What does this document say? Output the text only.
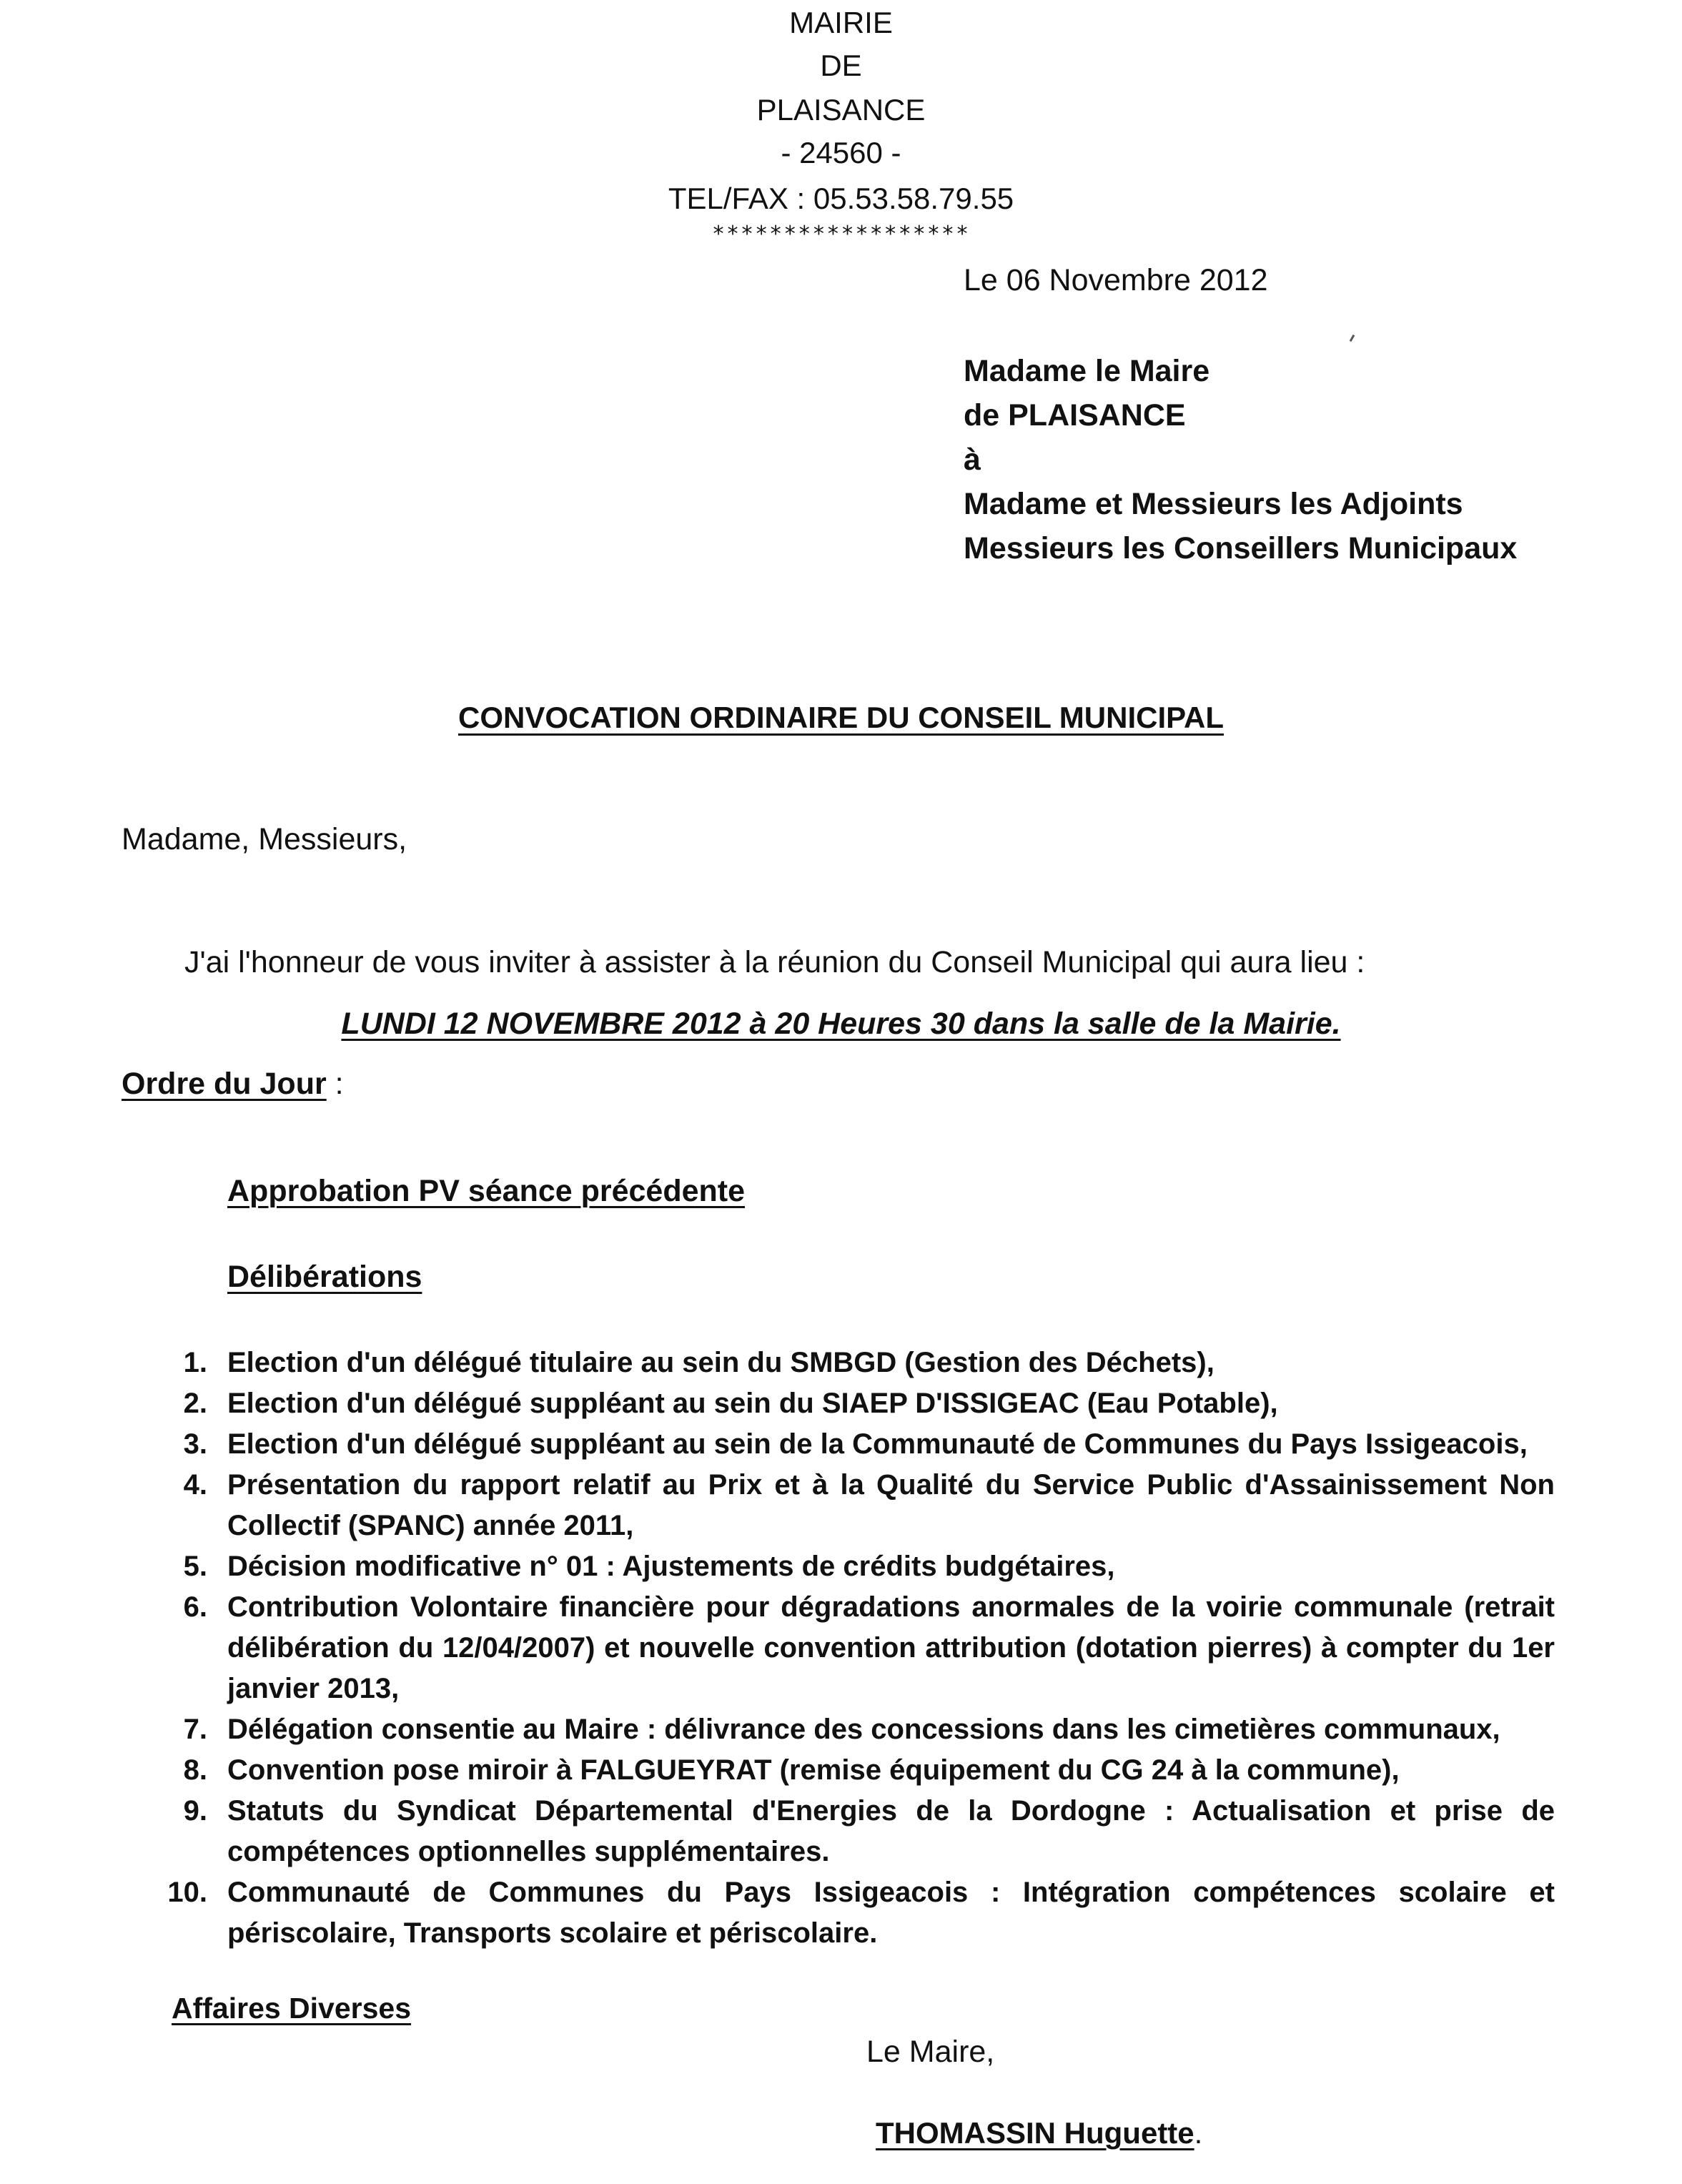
MAIRIE
DE
PLAISANCE
- 24560 -
TEL/FAX : 05.53.58.79.55
******************
Le 06 Novembre 2012
Madame le Maire
de PLAISANCE
à
Madame et Messieurs les Adjoints
Messieurs les Conseillers Municipaux
CONVOCATION ORDINAIRE DU CONSEIL MUNICIPAL
Madame, Messieurs,
J'ai l'honneur de vous inviter à assister à la réunion du Conseil Municipal qui aura lieu :
LUNDI 12 NOVEMBRE 2012 à 20 Heures 30 dans la salle de la Mairie.
Ordre du Jour :
Approbation PV séance précédente
Délibérations
1. Election d'un délégué titulaire au sein du SMBGD (Gestion des Déchets),
2. Election d'un délégué suppléant au sein du SIAEP D'ISSIGEAC (Eau Potable),
3. Election d'un délégué suppléant au sein de la Communauté de Communes du Pays Issigeacois,
4. Présentation du rapport relatif au Prix et à la Qualité du Service Public d'Assainissement Non Collectif (SPANC) année 2011,
5. Décision modificative n° 01 : Ajustements de crédits budgétaires,
6. Contribution Volontaire financière pour dégradations anormales de la voirie communale (retrait délibération du 12/04/2007) et nouvelle convention attribution (dotation pierres) à compter du 1er janvier 2013,
7. Délégation consentie au Maire : délivrance des concessions dans les cimetières communaux,
8. Convention pose miroir à FALGUEYRAT (remise équipement du CG 24 à la commune),
9. Statuts du Syndicat Départemental d'Energies de la Dordogne : Actualisation et prise de compétences optionnelles supplémentaires.
10. Communauté de Communes du Pays Issigeacois : Intégration compétences scolaire et périscolaire, Transports scolaire et périscolaire.
Affaires Diverses
Le Maire,
THOMASSIN Huguette.
